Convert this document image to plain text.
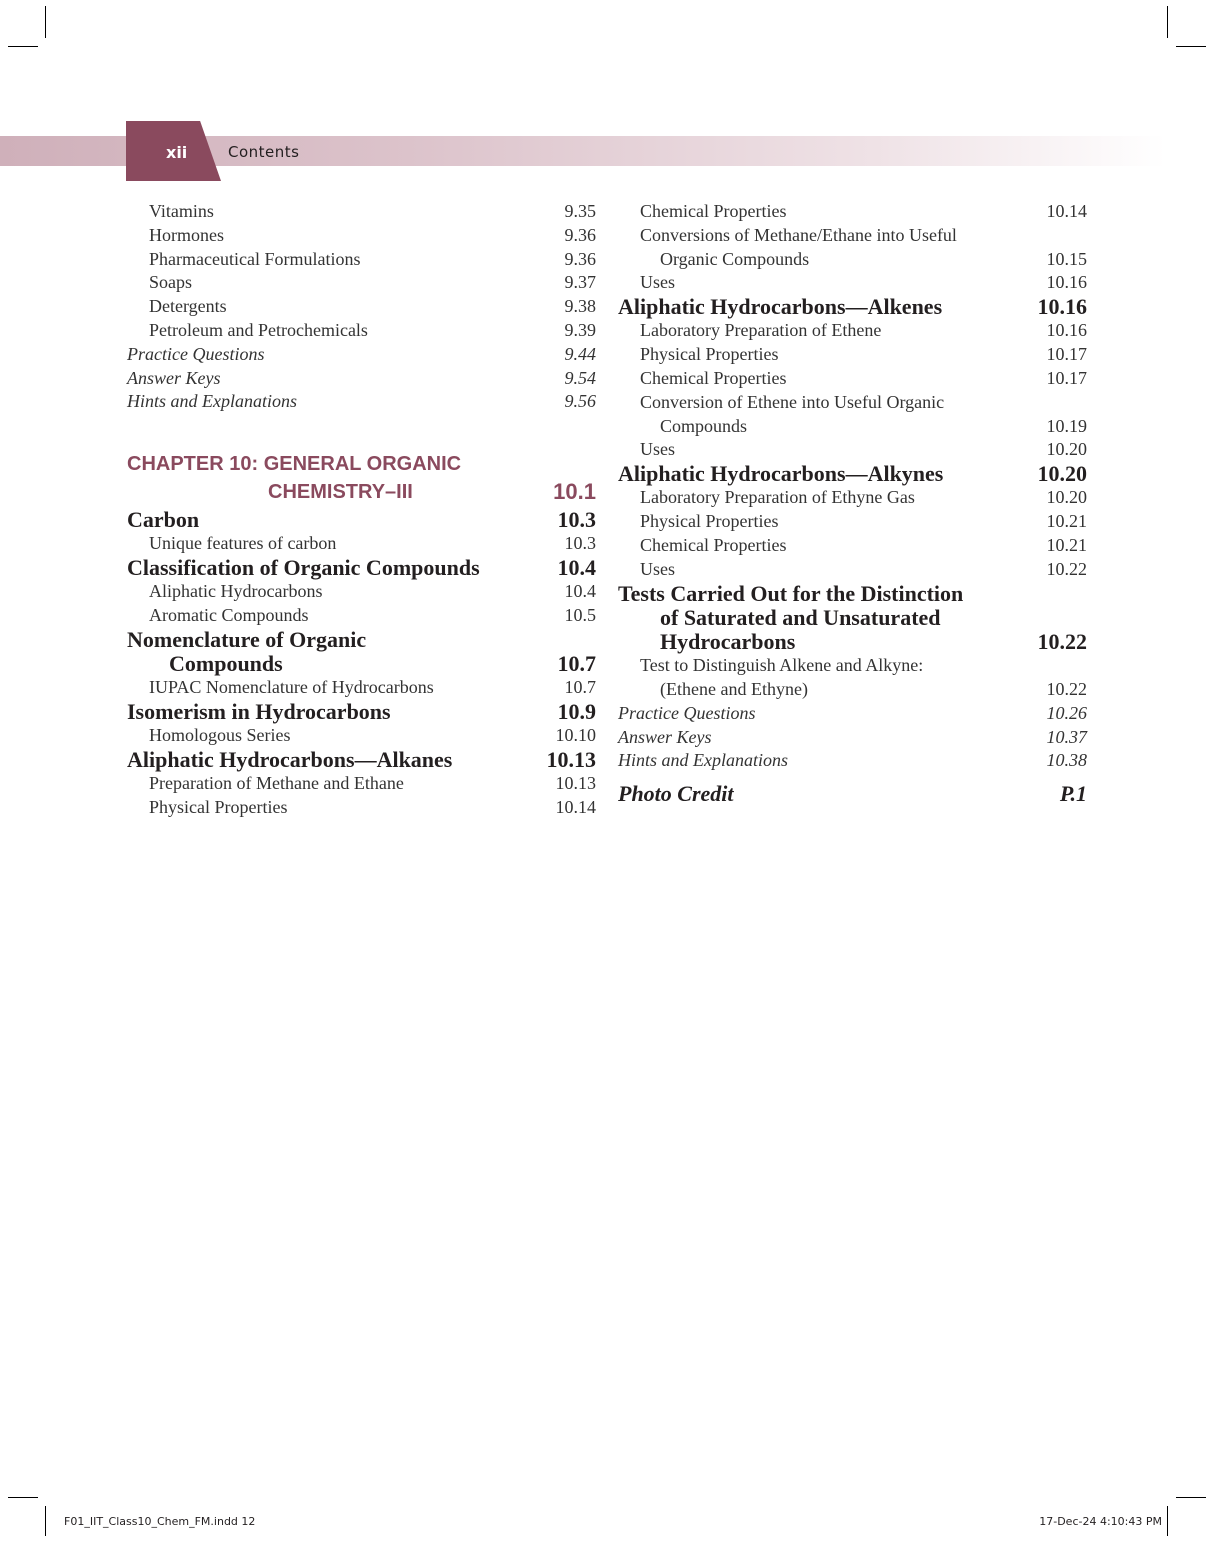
xii	Contents
Vitamins	9.35
Hormones	9.36
Pharmaceutical Formulations	9.36
Soaps	9.37
Detergents	9.38
Petroleum and Petrochemicals	9.39
Practice Questions	9.44
Answer Keys	9.54
Hints and Explanations	9.56
CHAPTER 10: GENERAL ORGANIC
CHEMISTRY–III	10.1
Carbon	10.3
Unique features of carbon	10.3
Classification of Organic Compounds	10.4
Aliphatic Hydrocarbons	10.4
Aromatic Compounds	10.5
Nomenclature of Organic
Compounds	10.7
IUPAC Nomenclature of Hydrocarbons	10.7
Isomerism in Hydrocarbons	10.9
Homologous Series	10.10
Aliphatic Hydrocarbons—Alkanes	10.13
Preparation of Methane and Ethane	10.13
Physical Properties	10.14
Chemical Properties	10.14
Conversions of Methane/Ethane into Useful
Organic Compounds	10.15
Uses	10.16
Aliphatic Hydrocarbons—Alkenes	10.16
Laboratory Preparation of Ethene	10.16
Physical Properties	10.17
Chemical Properties	10.17
Conversion of Ethene into Useful Organic
Compounds	10.19
Uses	10.20
Aliphatic Hydrocarbons—Alkynes	10.20
Laboratory Preparation of Ethyne Gas	10.20
Physical Properties	10.21
Chemical Properties	10.21
Uses	10.22
Tests Carried Out for the Distinction
of Saturated and Unsaturated
Hydrocarbons	10.22
Test to Distinguish Alkene and Alkyne:
(Ethene and Ethyne)	10.22
Practice Questions	10.26
Answer Keys	10.37
Hints and Explanations	10.38
Photo Credit	P.1
F01_IIT_Class10_Chem_FM.indd 12	17-Dec-24 4:10:43 PM
